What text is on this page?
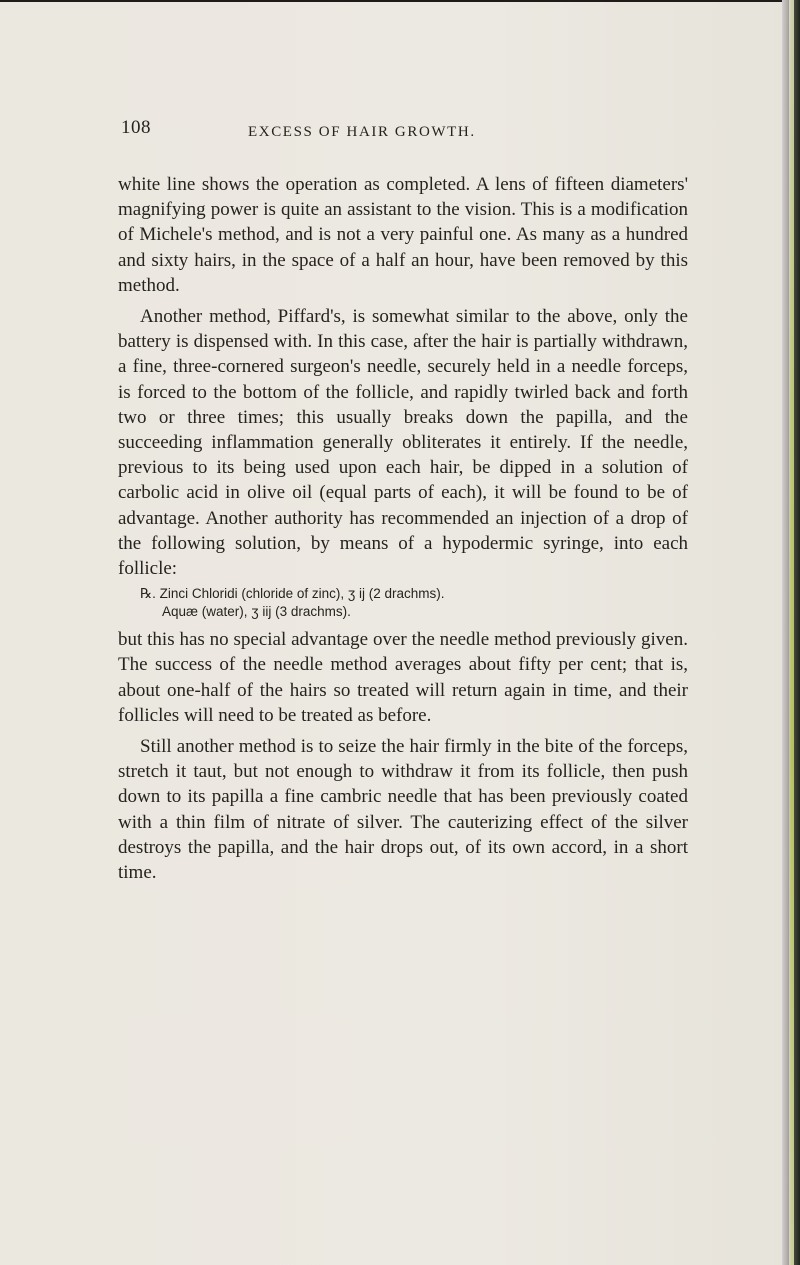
108	EXCESS OF HAIR GROWTH.

white line shows the operation as completed. A lens of fifteen diameters' magnifying power is quite an assistant to the vision. This is a modification of Michele's method, and is not a very painful one. As many as a hundred and sixty hairs, in the space of a half an hour, have been removed by this method.

Another method, Piffard's, is somewhat similar to the above, only the battery is dispensed with. In this case, after the hair is partially withdrawn, a fine, three-cornered surgeon's needle, securely held in a needle forceps, is forced to the bottom of the follicle, and rapidly twirled back and forth two or three times; this usually breaks down the papilla, and the succeeding inflammation generally obliterates it entirely. If the needle, previous to its being used upon each hair, be dipped in a solution of carbolic acid in olive oil (equal parts of each), it will be found to be of advantage. Another authority has recommended an injection of a drop of the following solution, by means of a hypodermic syringe, into each follicle:

℞. Zinci Chloridi (chloride of zinc), ʒ ij (2 drachms).
Aquæ (water), ʒ iij (3 drachms).

but this has no special advantage over the needle method previously given. The success of the needle method averages about fifty per cent; that is, about one-half of the hairs so treated will return again in time, and their follicles will need to be treated as before.

Still another method is to seize the hair firmly in the bite of the forceps, stretch it taut, but not enough to withdraw it from its follicle, then push down to its papilla a fine cambric needle that has been previously coated with a thin film of nitrate of silver. The cauterizing effect of the silver destroys the papilla, and the hair drops out, of its own accord, in a short time.
